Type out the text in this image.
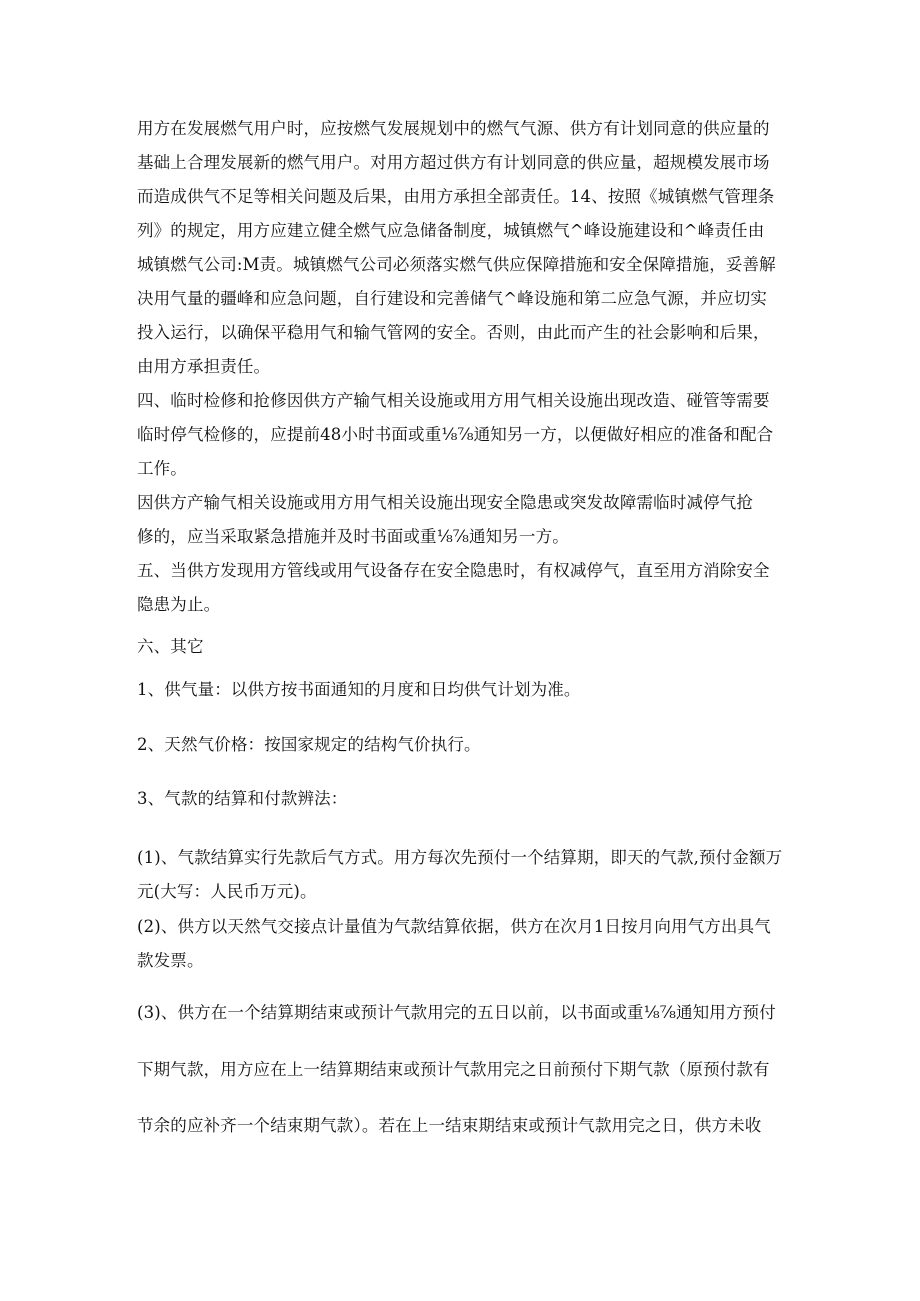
用方在发展燃气用户时，应按燃气发展规划中的燃气气源、供方有计划同意的供应量的
基础上合理发展新的燃气用户。对用方超过供方有计划同意的供应量，超规模发展市场
而造成供气不足等相关问题及后果，由用方承担全部责任。14、按照《城镇燃气管理条
列》的规定，用方应建立健全燃气应急储备制度，城镇燃气^峰设施建设和^峰责任由
城镇燃气公司:M责。城镇燃气公司必须落实燃气供应保障措施和安全保障措施，妥善解
决用气量的疆峰和应急问题，自行建设和完善储气^峰设施和第二应急气源，并应切实
投入运行，以确保平稳用气和输气管网的安全。否则，由此而产生的社会影响和后果，
由用方承担责任。
四、临时检修和抢修因供方产输气相关设施或用方用气相关设施出现改造、碰管等需要
临时停气检修的，应提前48小时书面或重⅛⅞通知另一方，以便做好相应的准备和配合
工作。
因供方产输气相关设施或用方用气相关设施出现安全隐患或突发故障需临时减停气抢
修的，应当采取紧急措施并及时书面或重⅛⅞通知另一方。
五、当供方发现用方管线或用气设备存在安全隐患时，有权减停气，直至用方消除安全
隐患为止。
六、其它
1、供气量：以供方按书面通知的月度和日均供气计划为准。
2、天然气价格：按国家规定的结构气价执行。
3、气款的结算和付款辨法：
(1)、气款结算实行先款后气方式。用方每次先预付一个结算期，即天的气款,预付金额万
元(大写：人民币万元)。
(2)、供方以天然气交接点计量值为气款结算依据，供方在次月1日按月向用气方出具气
款发票。
(3)、供方在一个结算期结束或预计气款用完的五日以前，以书面或重⅛⅞通知用方预付
下期气款，用方应在上一结算期结束或预计气款用完之日前预付下期气款（原预付款有
节余的应补齐一个结束期气款）。若在上一结束期结束或预计气款用完之日，供方未收
